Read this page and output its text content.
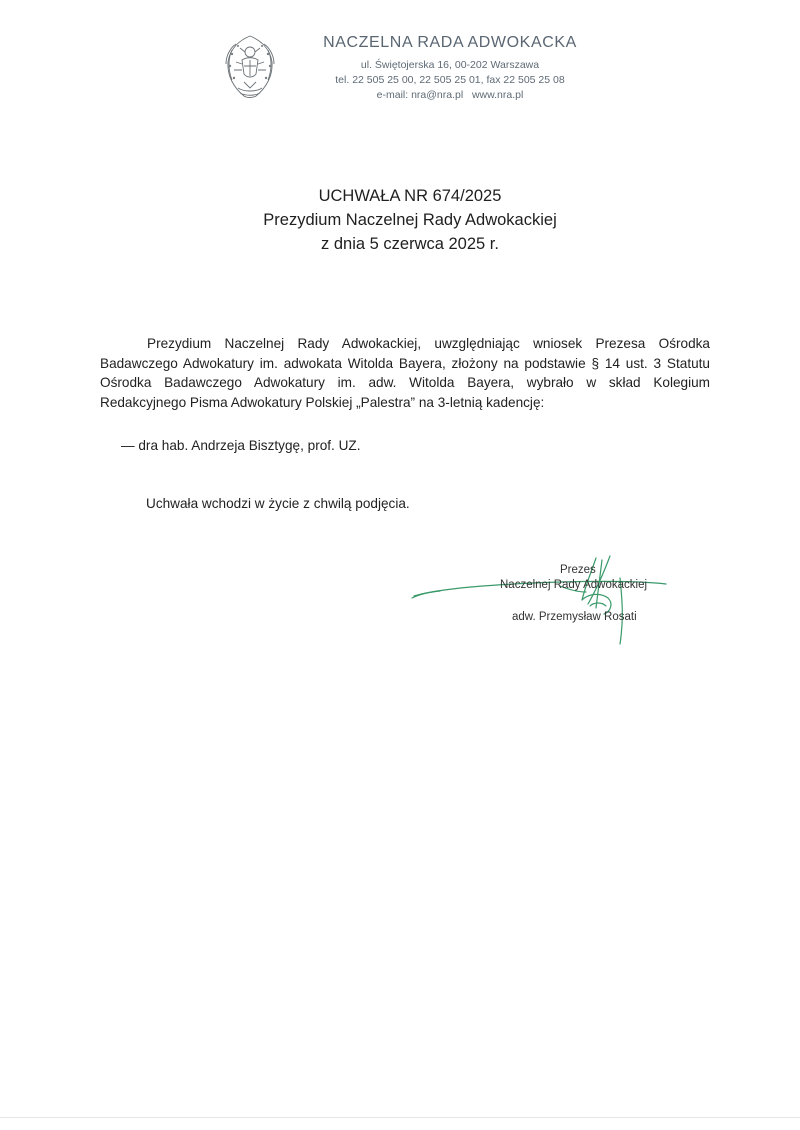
NACZELNA RADA ADWOKACKA
ul. Świętojerska 16, 00-202 Warszawa
tel. 22 505 25 00, 22 505 25 01, fax 22 505 25 08
e-mail: nra@nra.pl   www.nra.pl
UCHWAŁA NR 674/2025
Prezydium Naczelnej Rady Adwokackiej
z dnia 5 czerwca 2025 r.
Prezydium Naczelnej Rady Adwokackiej, uwzględniając wniosek Prezesa Ośrodka Badawczego Adwokatury im. adwokata Witolda Bayera, złożony na podstawie § 14 ust. 3 Statutu Ośrodka Badawczego Adwokatury im. adw. Witolda Bayera, wybrało w skład Kolegium Redakcyjnego Pisma Adwokatury Polskiej „Palestra” na 3-letnią kadencję:
— dra hab. Andrzeja Bisztygę, prof. UZ.
Uchwała wchodzi w życie z chwilą podjęcia.
Prezes
Naczelnej Rady Adwokackiej
adw. Przemysław Rosati
